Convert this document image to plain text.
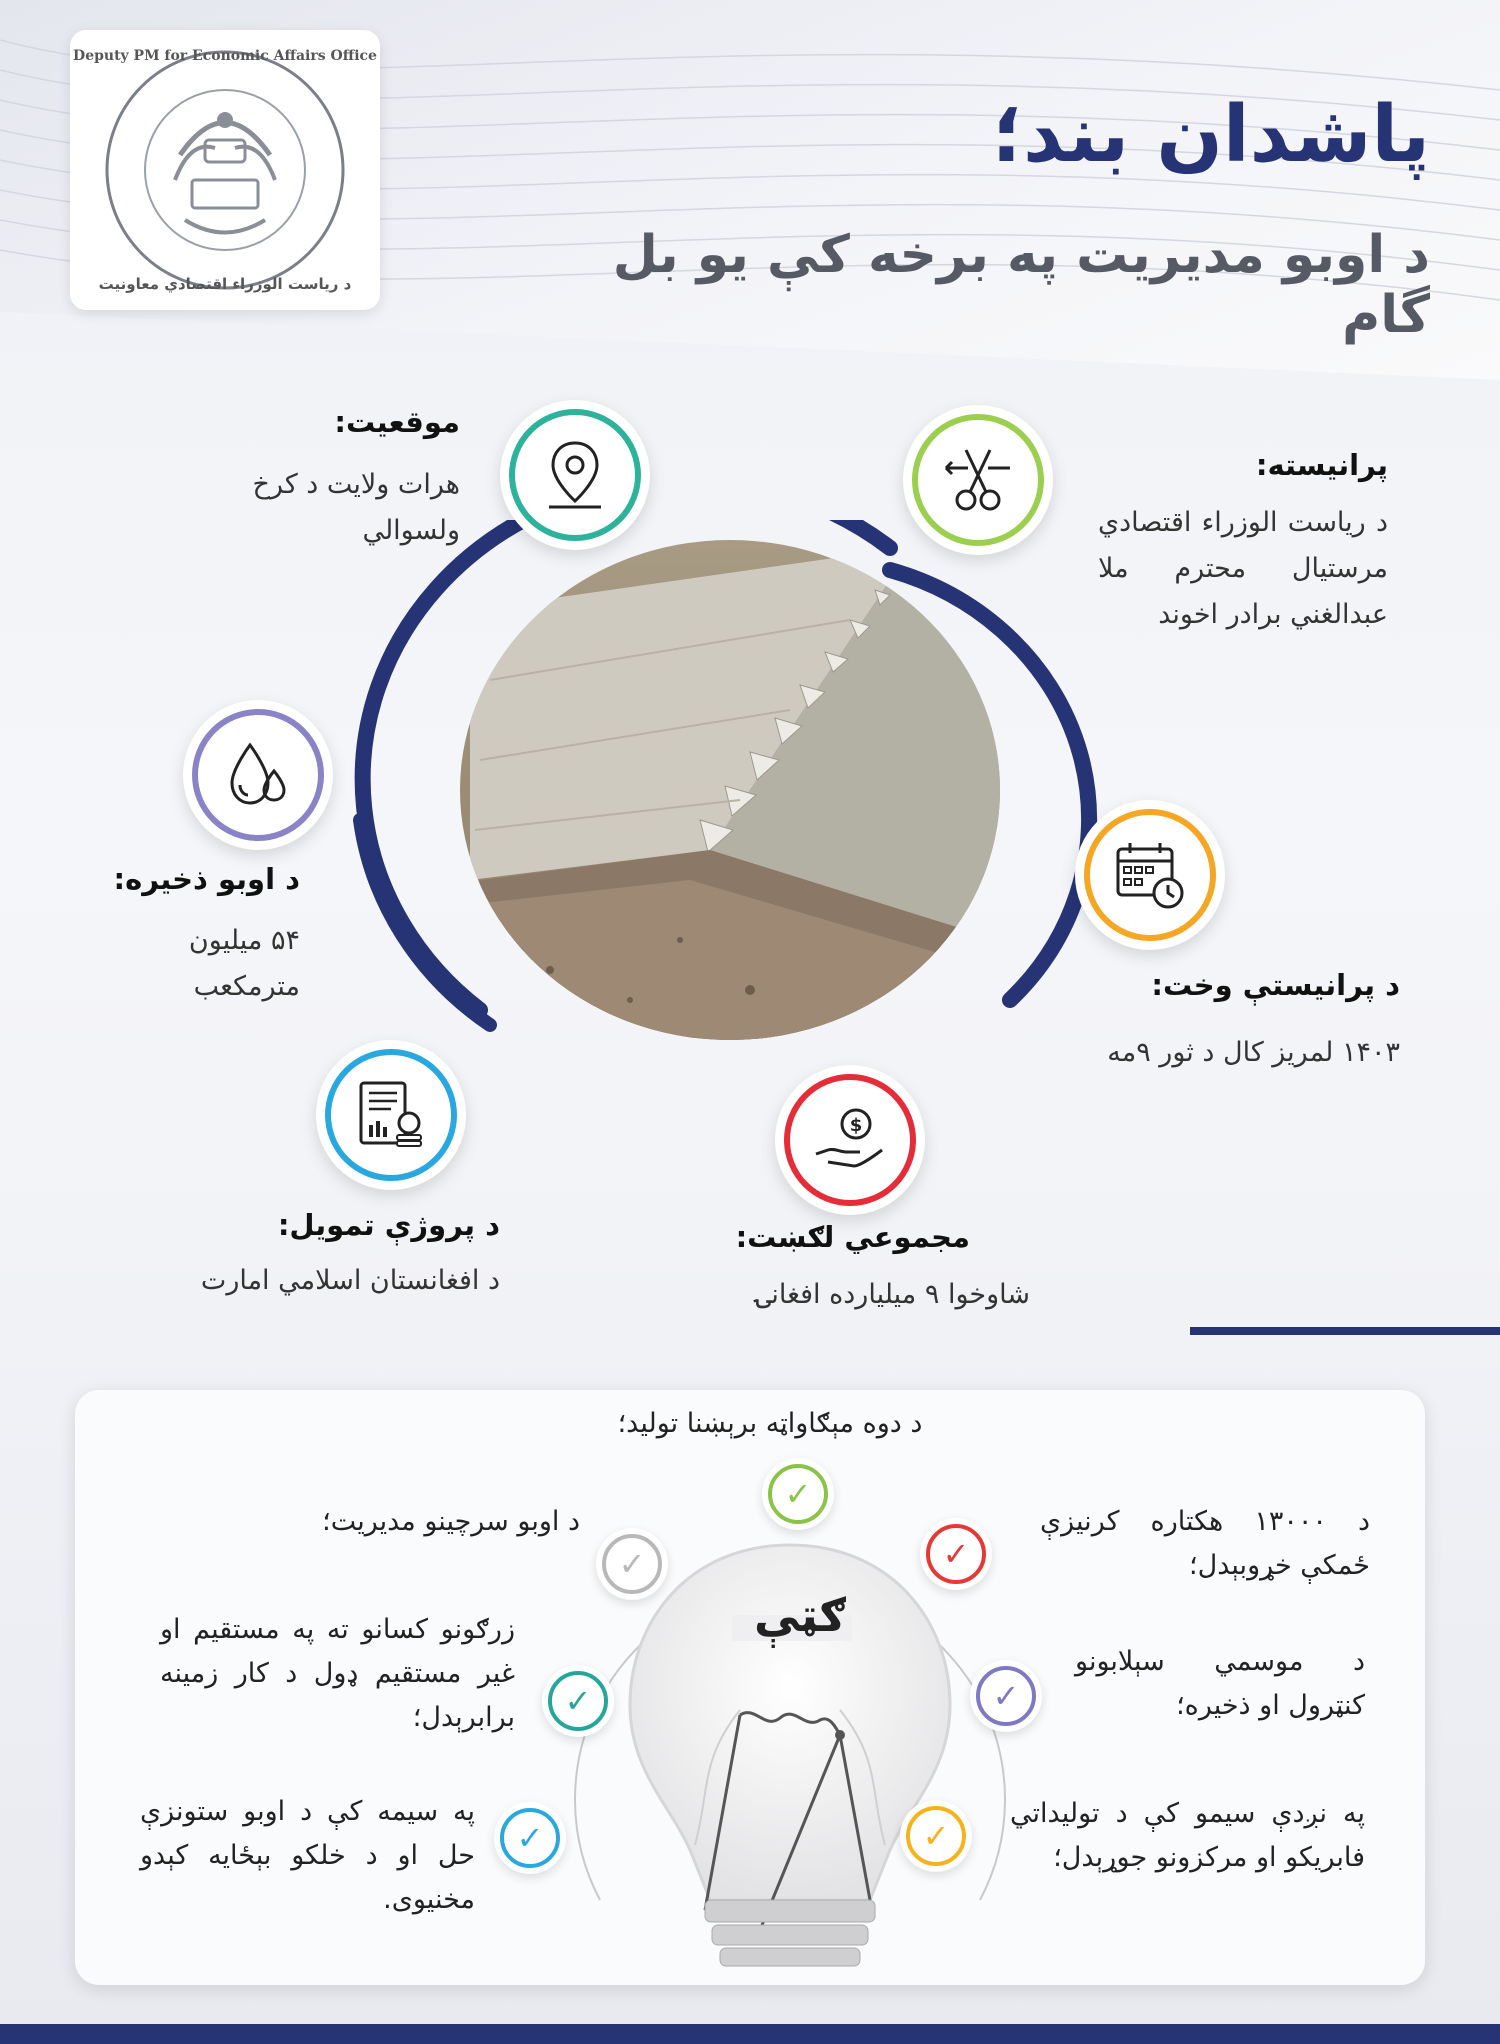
Deputy PM for Economic Affairs Office
د ریاست الوزراء اقتصادي معاونیت
پاشدان بند؛
د اوبو مدیریت په برخه کې یو بل گام
پرانیسته:
د ریاست الوزراء اقتصادي مرستیال محترم ملا عبدالغني برادر اخوند
موقعیت:
هرات ولایت د کرخ ولسوالي
د اوبو ذخیره:
۵۴ میلیون مترمکعب	د پرانیستې وخت:
۱۴۰۳ لمریز کال د ثور ۹مه
د پروژې تمویل:
د افغانستان اسلامي امارت
$
مجموعي لګښت:
شاوخوا ۹ میلیارده افغانۍ
ګټې
✓
✓
✓
✓
✓
✓
✓
د دوه مېګاواټه برېښنا تولید؛
د اوبو سرچینو مدیریت؛
زرګونو کسانو ته په مستقیم او غیر مستقیم ډول د کار زمینه برابرېدل؛
په سیمه کې د اوبو ستونزې حل او د خلکو بېځایه کېدو مخنیوی.
د ۱۳۰۰۰ هکتاره کرنیزې ځمکې خړوبېدل؛
د موسمي سېلابونو کنټرول او ذخیره؛
په نږدې سیمو کې د تولیداتي فابریکو او مرکزونو جوړېدل؛
